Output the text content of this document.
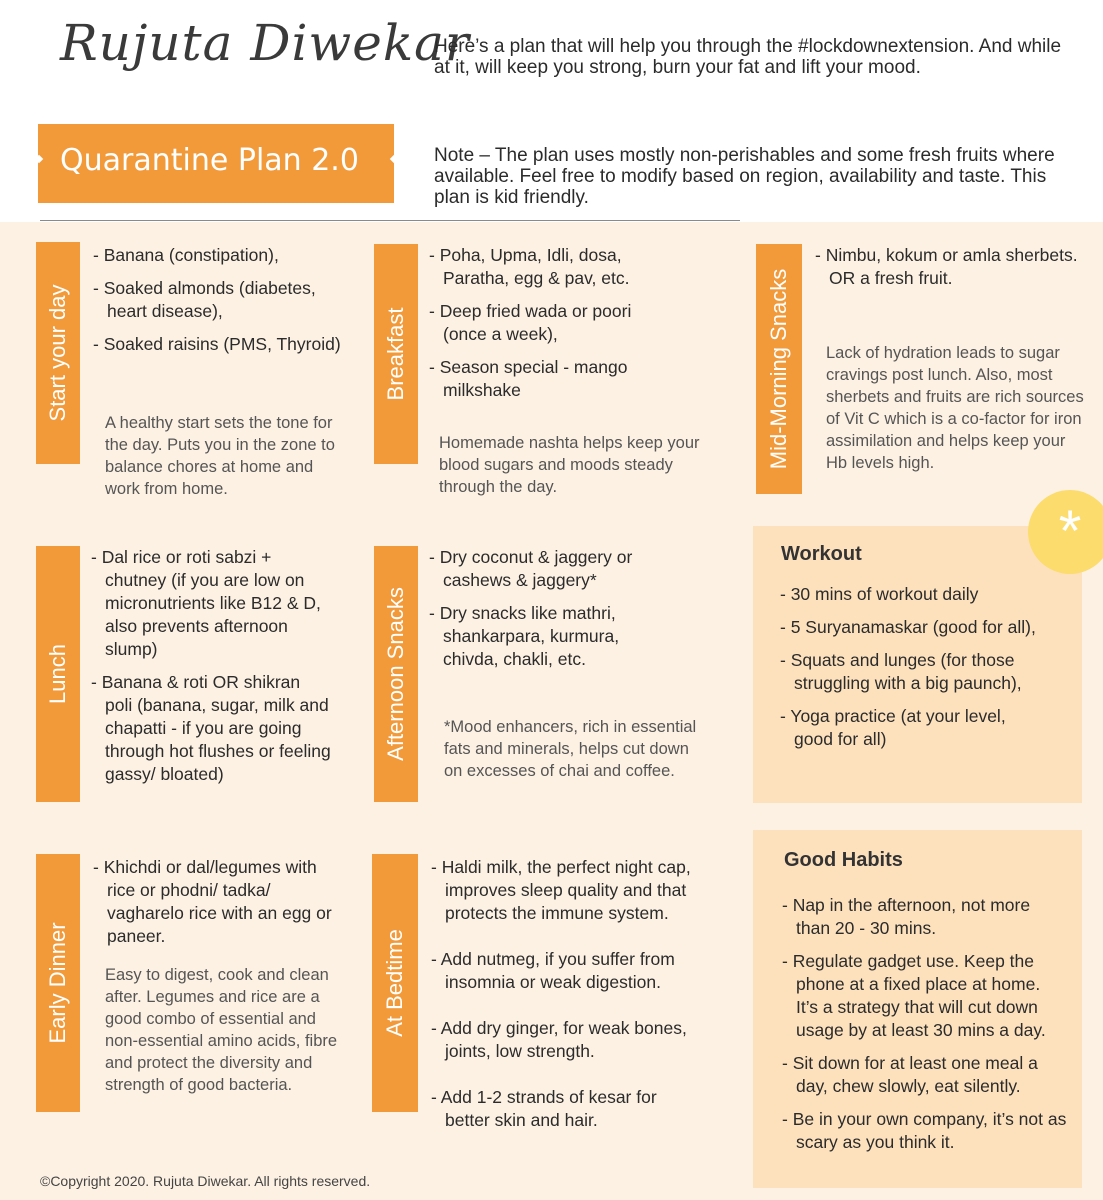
Rujuta Diwekar
Here’s a plan that will help you through the #lockdownextension. And while at it, will keep you strong, burn your fat and lift your mood.
Quarantine Plan 2.0	Note – The plan uses mostly non-perishables and some fresh fruits where available. Feel free to modify based on region, availability and taste. This plan is kid friendly.
Start your day
- Banana (constipation),
- Soaked almonds (diabetes, heart disease),
- Soaked raisins (PMS, Thyroid)
A healthy start sets the tone for the day. Puts you in the zone to balance chores at home and work from home.
Breakfast
- Poha, Upma, Idli, dosa, Paratha, egg & pav, etc.
- Deep fried wada or poori (once a week),
- Season special - mango milkshake
Homemade nashta helps keep your blood sugars and moods steady through the day.
Mid-Morning Snacks
- Nimbu, kokum or amla sherbets. OR a fresh fruit.
Lack of hydration leads to sugar cravings post lunch. Also, most sherbets and fruits are rich sources of Vit C which is a co-factor for iron assimilation and helps keep your Hb levels high.
Lunch
- Dal rice or roti sabzi + chutney (if you are low on micronutrients like B12 & D, also prevents afternoon slump)
- Banana & roti OR shikran poli (banana, sugar, milk and chapatti - if you are going through hot flushes or feeling gassy/ bloated)
Afternoon Snacks
- Dry coconut & jaggery or cashews & jaggery*
- Dry snacks like mathri, shankarpara, kurmura, chivda, chakli, etc.
*Mood enhancers, rich in essential fats and minerals, helps cut down on excesses of chai and coffee.
Workout
- 30 mins of workout daily
- 5 Suryanamaskar (good for all),
- Squats and lunges (for those struggling with a big paunch),
- Yoga practice (at your level, good for all)
*
Early Dinner
- Khichdi or dal/legumes with rice or phodni/ tadka/ vagharelo rice with an egg or paneer.
Easy to digest, cook and clean after. Legumes and rice are a good combo of essential and non-essential amino acids, fibre and protect the diversity and strength of good bacteria.
At Bedtime
- Haldi milk, the perfect night cap, improves sleep quality and that protects the immune system.
- Add nutmeg, if you suffer from insomnia or weak digestion.
- Add dry ginger, for weak bones, joints, low strength.
- Add 1-2 strands of kesar for better skin and hair.
Good Habits
- Nap in the afternoon, not more than 20 - 30 mins.
- Regulate gadget use. Keep the phone at a fixed place at home. It’s a strategy that will cut down usage by at least 30 mins a day.
- Sit down for at least one meal a day, chew slowly, eat silently.
- Be in your own company, it’s not as scary as you think it.
©Copyright 2020. Rujuta Diwekar. All rights reserved.
